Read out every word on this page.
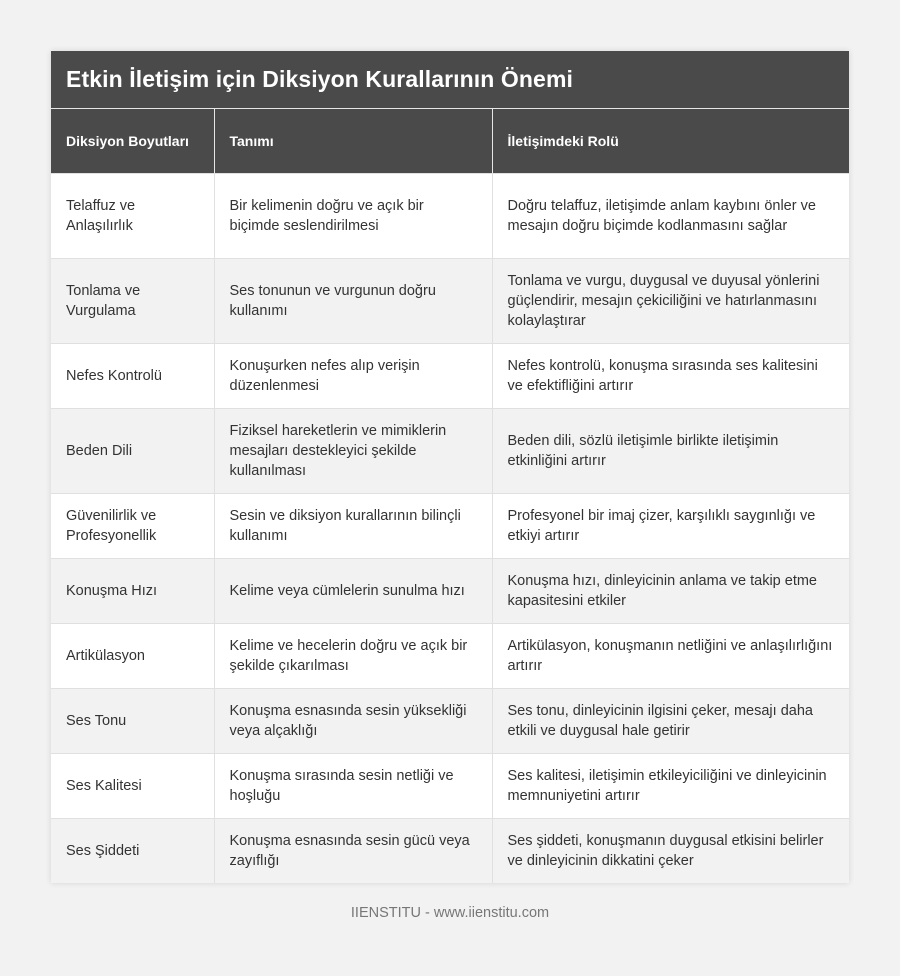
Etkin İletişim için Diksiyon Kurallarının Önemi
Diksiyon Boyutları	Tanımı	İletişimdeki Rolü
Telaffuz ve Anlaşılırlık	Bir kelimenin doğru ve açık bir biçimde seslendirilmesi	Doğru telaffuz, iletişimde anlam kaybını önler ve mesajın doğru biçimde kodlanmasını sağlar
Tonlama ve Vurgulama	Ses tonunun ve vurgunun doğru kullanımı	Tonlama ve vurgu, duygusal ve duyusal yönlerini güçlendirir, mesajın çekiciliğini ve hatırlanmasını kolaylaştırar
Nefes Kontrolü	Konuşurken nefes alıp verişin düzenlenmesi	Nefes kontrolü, konuşma sırasında ses kalitesini ve efektifliğini artırır
Beden Dili	Fiziksel hareketlerin ve mimiklerin mesajları destekleyici şekilde kullanılması	Beden dili, sözlü iletişimle birlikte iletişimin etkinliğini artırır
Güvenilirlik ve Profesyonellik	Sesin ve diksiyon kurallarının bilinçli kullanımı	Profesyonel bir imaj çizer, karşılıklı saygınlığı ve etkiyi artırır
Konuşma Hızı	Kelime veya cümlelerin sunulma hızı	Konuşma hızı, dinleyicinin anlama ve takip etme kapasitesini etkiler
Artikülasyon	Kelime ve hecelerin doğru ve açık bir şekilde çıkarılması	Artikülasyon, konuşmanın netliğini ve anlaşılırlığını artırır
Ses Tonu	Konuşma esnasında sesin yüksekliği veya alçaklığı	Ses tonu, dinleyicinin ilgisini çeker, mesajı daha etkili ve duygusal hale getirir
Ses Kalitesi	Konuşma sırasında sesin netliği ve hoşluğu	Ses kalitesi, iletişimin etkileyiciliğini ve dinleyicinin memnuniyetini artırır
Ses Şiddeti	Konuşma esnasında sesin gücü veya zayıflığı	Ses şiddeti, konuşmanın duygusal etkisini belirler ve dinleyicinin dikkatini çeker
IIENSTITU - www.iienstitu.com
